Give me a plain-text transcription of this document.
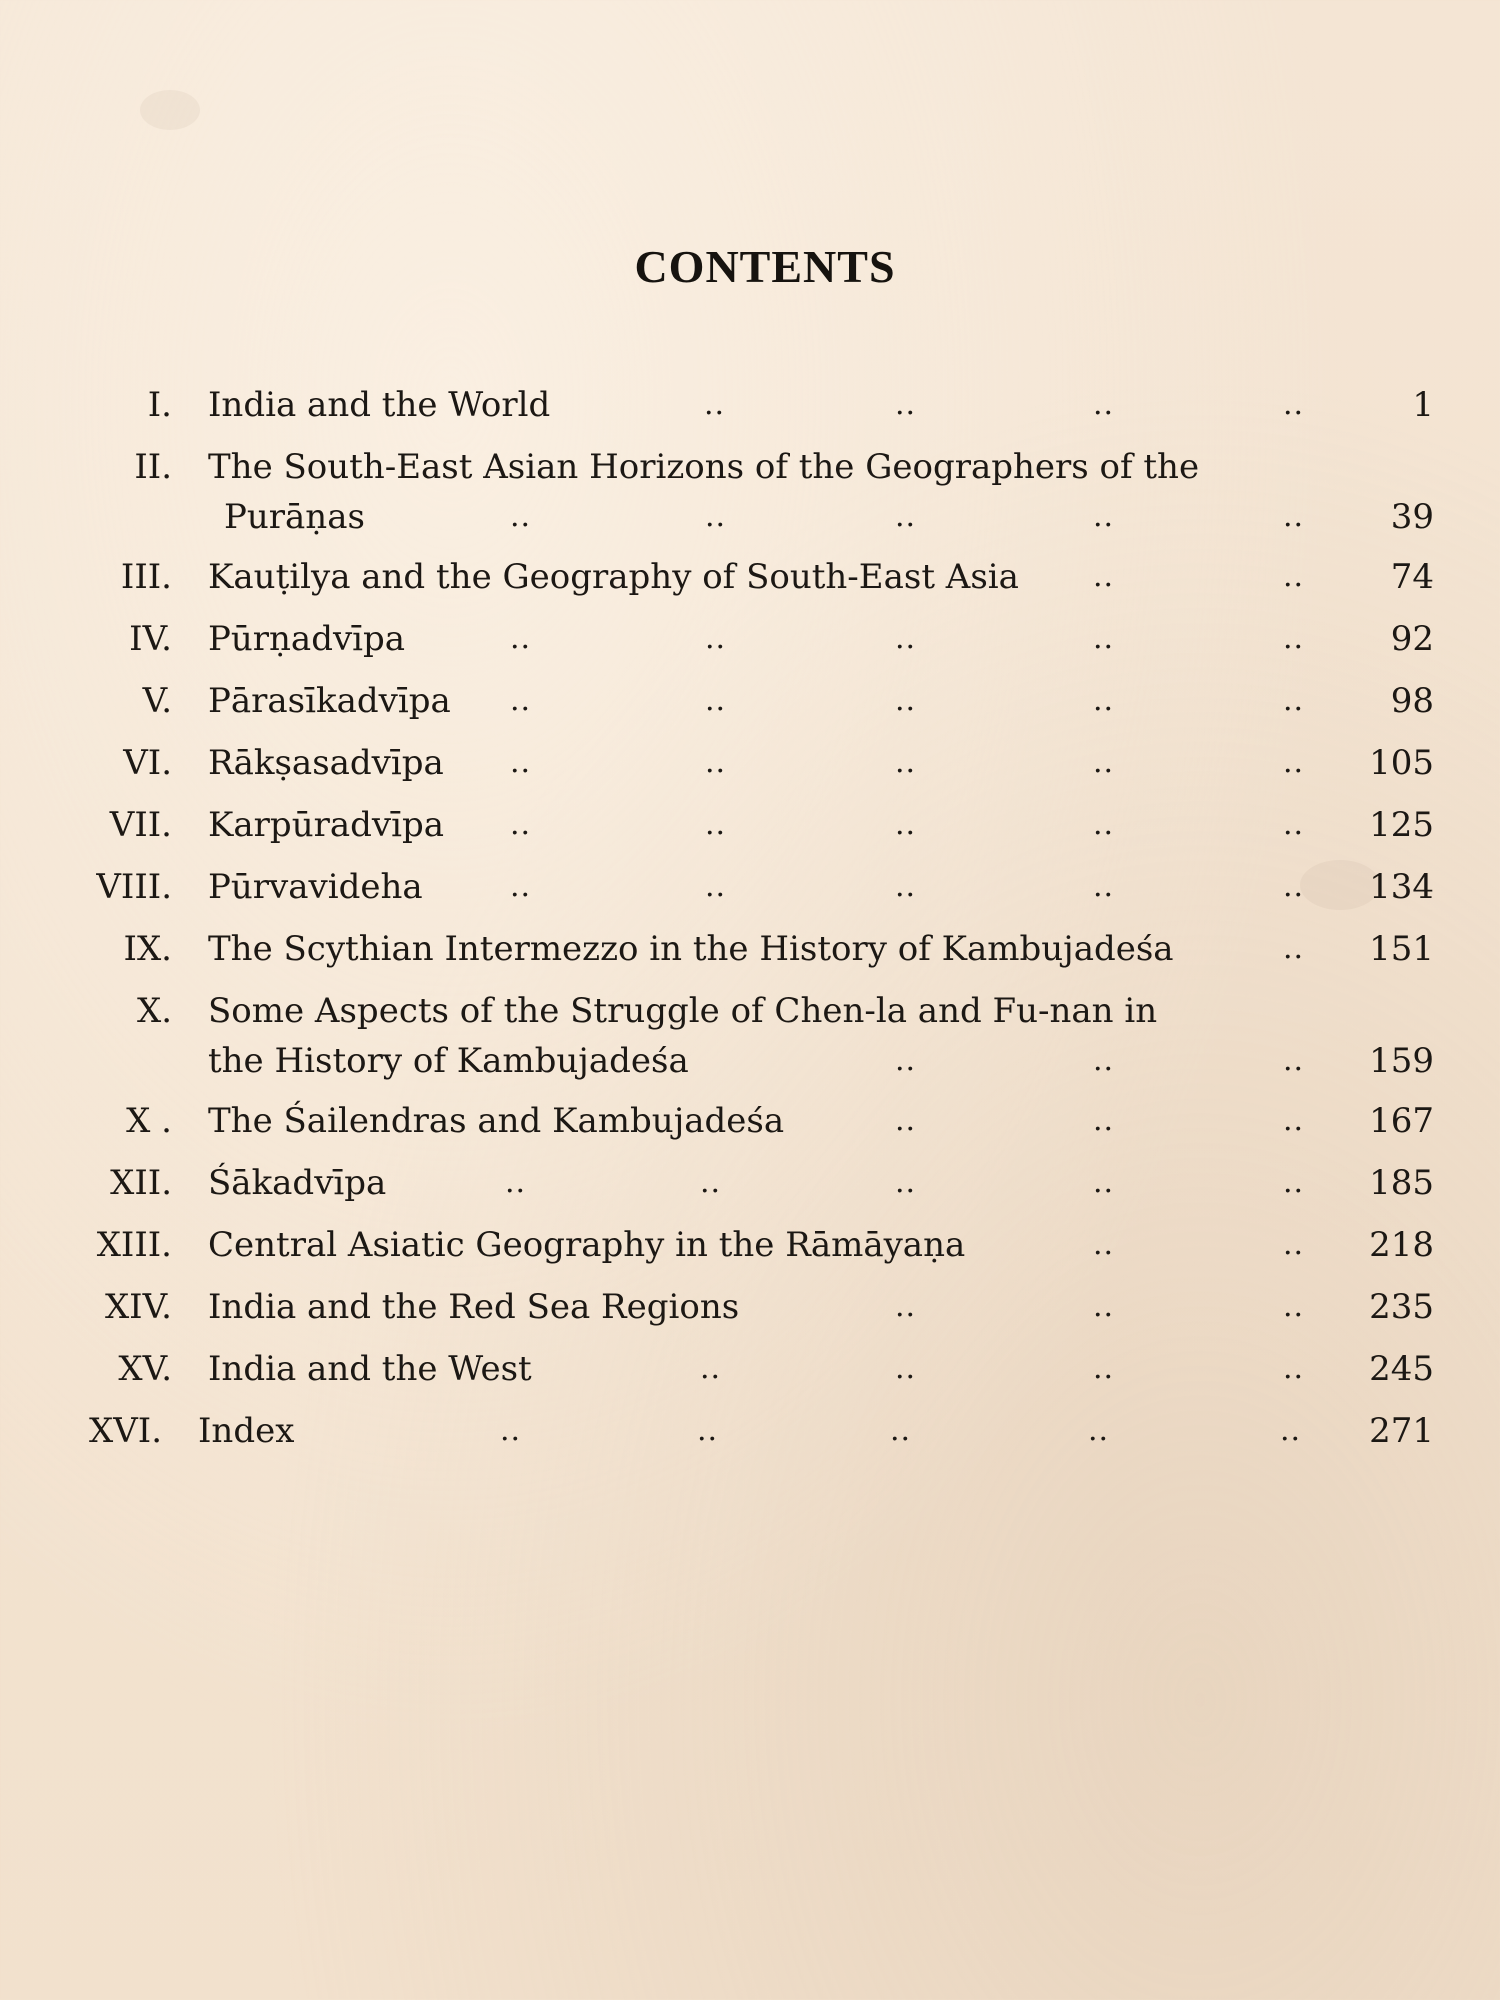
CONTENTS
I. India and the World	..	..	..	..	1
II. The South-East Asian Horizons of the Geographers of the
Purāṇas	..	..	..	..	..	39
III. Kauṭilya and the Geography of South-East Asia ..	..	74
IV. Pūrṇadvīpa	..	..	..	..	..	92
V. Pārasīkadvīpa ..	..	..	..	..	98
VI. Rākṣasadvīpa ..	..	..	..	..	105
VII. Karpūradvīpa ..	..	..	..	..	125
VIII. Pūrvavideha	..	..	..	..	..	134
IX. The Scythian Intermezzo in the History of Kambujadeśa	..	151
X. Some Aspects of the Struggle of Chen-la and Fu-nan in
the History of Kambujadeśa	..	..	..	159
X . The Śailendras and Kambujadeśa	..	..	..	167
XII. Śākadvīpa	..	..	..	..	..	185
XIII. Central Asiatic Geography in the Rāmāyaṇa	..	..	218
XIV. India and the Red Sea Regions	..	..	..	235
XV. India and the West	..	..	..	..	245
XVI. Index	..	..	..	..	..	271
